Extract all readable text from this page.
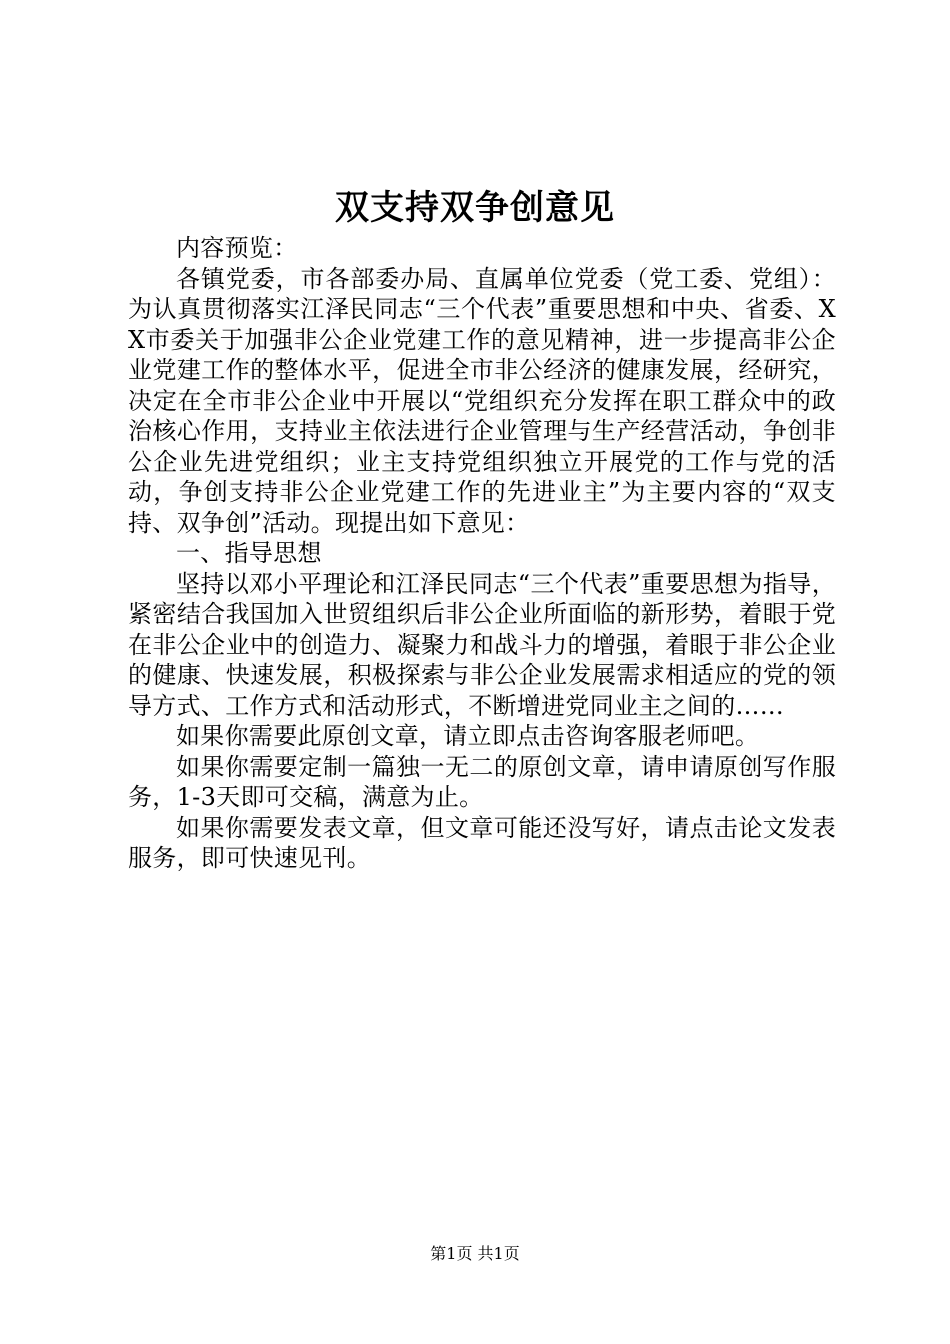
双支持双争创意见

内容预览：

各镇党委，市各部委办局、直属单位党委（党工委、党组）：为认真贯彻落实江泽民同志“三个代表”重要思想和中央、省委、XX市委关于加强非公企业党建工作的意见精神，进一步提高非公企业党建工作的整体水平，促进全市非公经济的健康发展，经研究，决定在全市非公企业中开展以“党组织充分发挥在职工群众中的政治核心作用，支持业主依法进行企业管理与生产经营活动，争创非公企业先进党组织；业主支持党组织独立开展党的工作与党的活动，争创支持非公企业党建工作的先进业主”为主要内容的“双支持、双争创”活动。现提出如下意见：

一、指导思想

坚持以邓小平理论和江泽民同志“三个代表”重要思想为指导，紧密结合我国加入世贸组织后非公企业所面临的新形势，着眼于党在非公企业中的创造力、凝聚力和战斗力的增强，着眼于非公企业的健康、快速发展，积极探索与非公企业发展需求相适应的党的领导方式、工作方式和活动形式，不断增进党同业主之间的……

如果你需要此原创文章，请立即点击咨询客服老师吧。

如果你需要定制一篇独一无二的原创文章，请申请原创写作服务，1-3天即可交稿，满意为止。

如果你需要发表文章，但文章可能还没写好，请点击论文发表服务，即可快速见刊。

第1页 共1页
